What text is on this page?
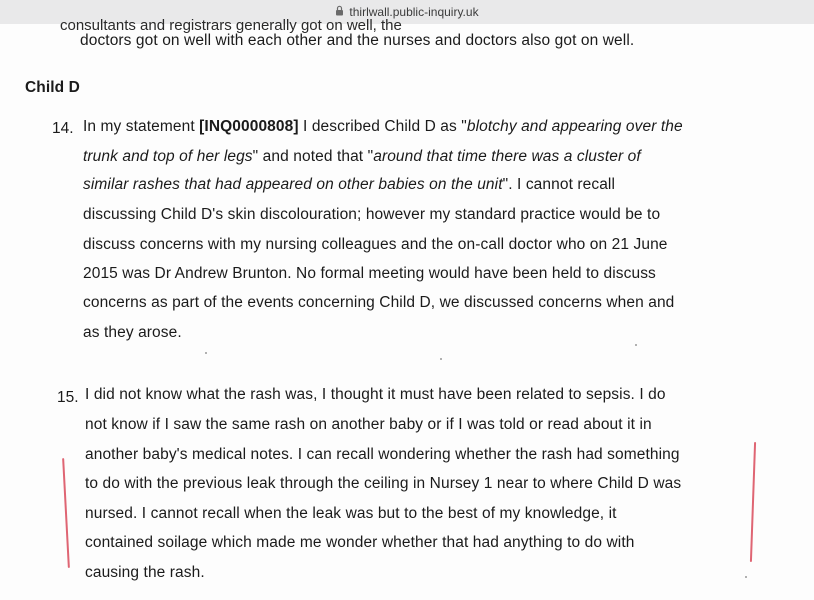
thirlwall.public-inquiry.uk
consultants and registrars generally got on well, the
doctors got on well with each other and the nurses and doctors also got on well.
Child D
14. In my statement [INQ0000808] I described Child D as "blotchy and appearing over the
trunk and top of her legs" and noted that "around that time there was a cluster of
similar rashes that had appeared on other babies on the unit". I cannot recall
discussing Child D's skin discolouration; however my standard practice would be to
discuss concerns with my nursing colleagues and the on-call doctor who on 21 June
2015 was Dr Andrew Brunton. No formal meeting would have been held to discuss
concerns as part of the events concerning Child D, we discussed concerns when and
as they arose.
15. I did not know what the rash was, I thought it must have been related to sepsis. I do
not know if I saw the same rash on another baby or if I was told or read about it in
another baby's medical notes. I can recall wondering whether the rash had something
to do with the previous leak through the ceiling in Nursey 1 near to where Child D was
nursed. I cannot recall when the leak was but to the best of my knowledge, it
contained soilage which made me wonder whether that had anything to do with
causing the rash.
